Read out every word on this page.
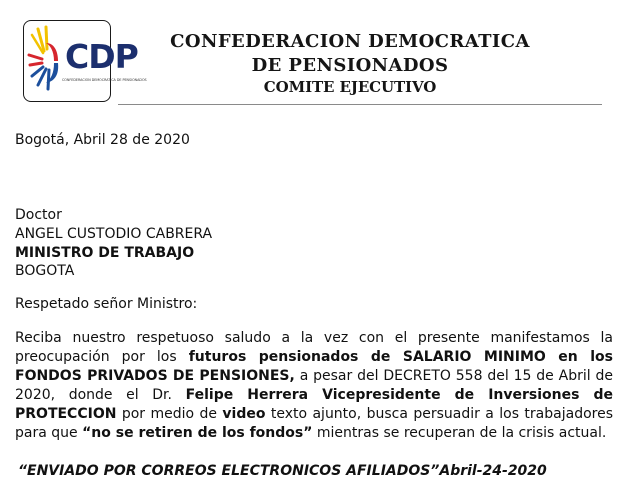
CDP
CONFEDERACION DEMOCRATICA DE PENSIONADOS
CONFEDERACION DEMOCRATICA
DE PENSIONADOS
COMITE EJECUTIVO
Bogotá, Abril 28 de 2020
Doctor
ANGEL CUSTODIO CABRERA
MINISTRO DE TRABAJO
BOGOTA
Respetado señor Ministro:
Reciba nuestro respetuoso saludo a la vez con el presente manifestamos la preocupación por los futuros pensionados de SALARIO MINIMO en los FONDOS PRIVADOS DE PENSIONES, a pesar del DECRETO 558 del 15 de Abril de 2020, donde el Dr. Felipe Herrera Vicepresidente de Inversiones de PROTECCION por medio de video texto ajunto, busca persuadir a los trabajadores para que “no se retiren de los fondos” mientras se recuperan de la crisis actual.
“ENVIADO POR CORREOS ELECTRONICOS AFILIADOS”Abril-24-2020
